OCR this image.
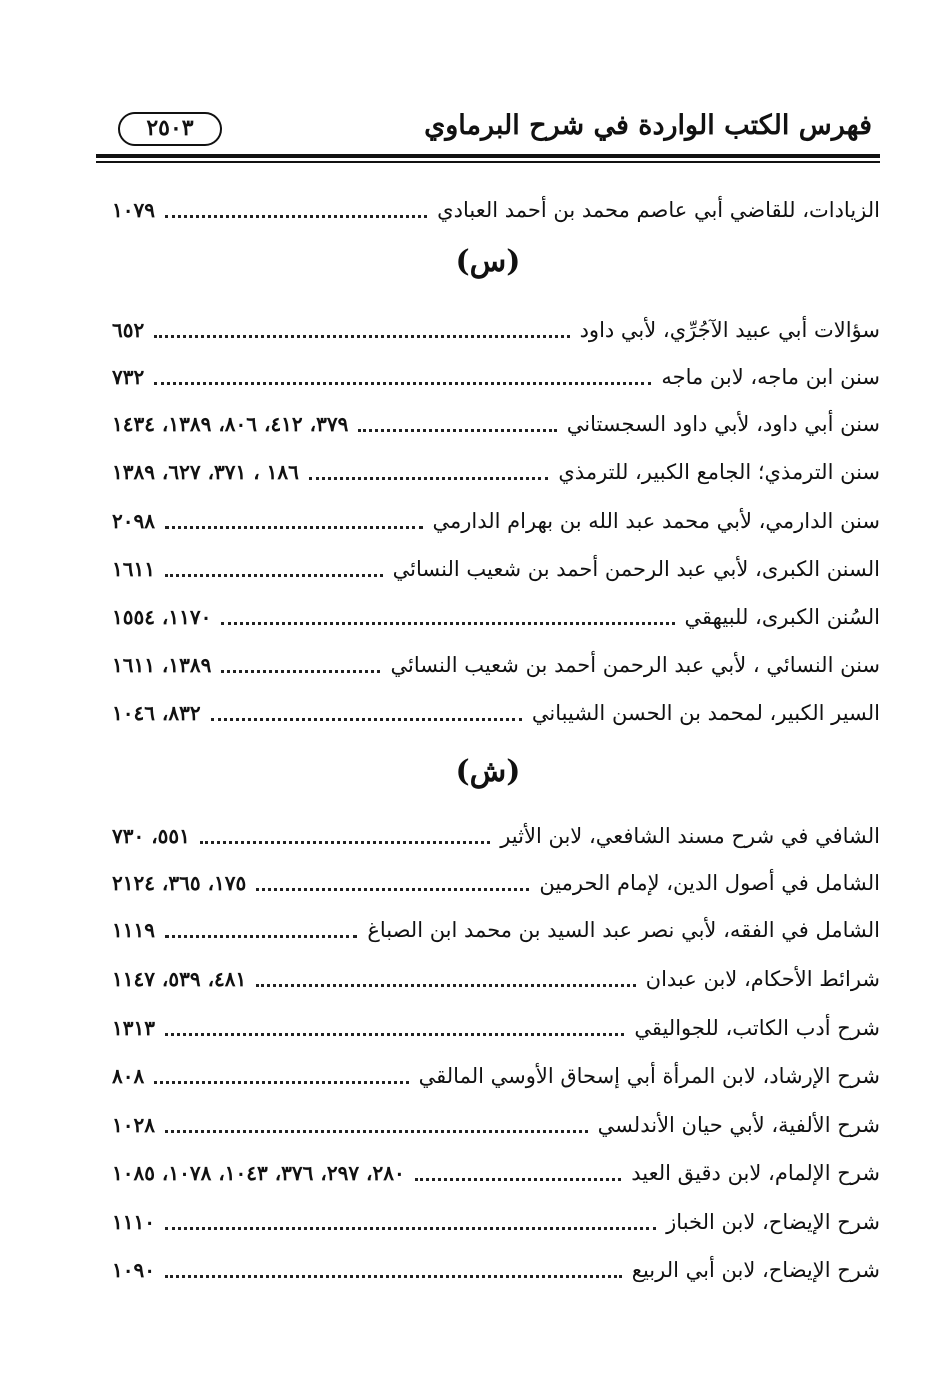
فهرس الكتب الواردة في شرح البرماوي
٢٥٠٣
الزيادات، للقاضي أبي عاصم محمد بن أحمد العبادي
١٠٧٩
(س)
سؤالات أبي عبيد الآجُرِّي، لأبي داود
٦٥٢
سنن ابن ماجه، لابن ماجه
٧٣٢
سنن أبي داود، لأبي داود السجستاني
٣٧٩، ٤١٢، ٨٠٦، ١٣٨٩، ١٤٣٤
سنن الترمذي؛ الجامع الكبير، للترمذي
١٨٦ ، ٣٧١، ٦٢٧، ١٣٨٩
سنن الدارمي، لأبي محمد عبد الله بن بهرام الدارمي
٢٠٩٨
السنن الكبرى، لأبي عبد الرحمن أحمد بن شعيب النسائي
١٦١١
السُنن الكبرى، للبيهقي
١١٧٠، ١٥٥٤
سنن النسائي ، لأبي عبد الرحمن أحمد بن شعيب النسائي
١٣٨٩، ١٦١١
السير الكبير، لمحمد بن الحسن الشيباني
٨٣٢، ١٠٤٦
(ش)
الشافي في شرح مسند الشافعي، لابن الأثير
٥٥١، ٧٣٠
الشامل في أصول الدين، لإمام الحرمين
١٧٥، ٣٦٥، ٢١٢٤
الشامل في الفقه، لأبي نصر عبد السيد بن محمد ابن الصباغ
١١١٩
شرائط الأحكام، لابن عبدان
٤٨١، ٥٣٩، ١١٤٧
شرح أدب الكاتب، للجواليقي
١٣١٣
شرح الإرشاد، لابن المرأة أبي إسحاق الأوسي المالقي
٨٠٨
شرح الألفية، لأبي حيان الأندلسي
١٠٢٨
شرح الإلمام، لابن دقيق العيد
٢٨٠، ٢٩٧، ٣٧٦، ١٠٤٣، ١٠٧٨، ١٠٨٥
شرح الإيضاح، لابن الخباز
١١١٠
شرح الإيضاح، لابن أبي الربيع
١٠٩٠
